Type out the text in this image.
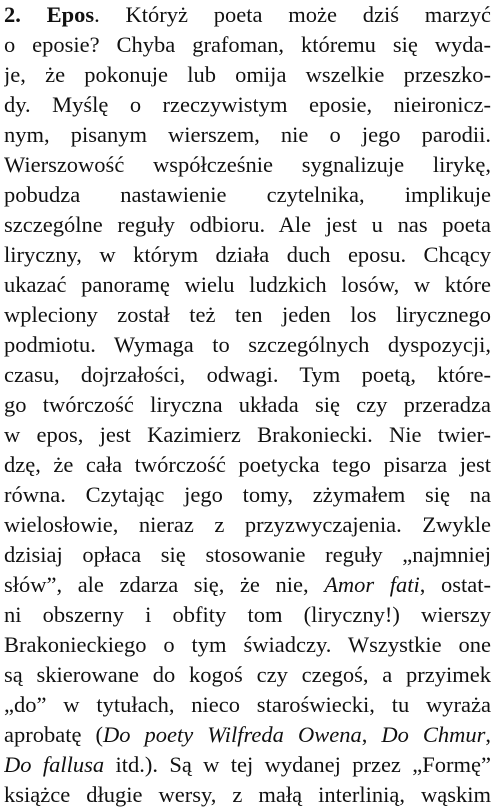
2. Epos. Któryż poeta może dziś marzyć
o eposie? Chyba grafoman, któremu się wyda-
je, że pokonuje lub omija wszelkie przeszko-
dy. Myślę o rzeczywistym eposie, nieironicz-
nym, pisanym wierszem, nie o jego parodii.
Wierszowość współcześnie sygnalizuje lirykę,
pobudza nastawienie czytelnika, implikuje
szczególne reguły odbioru. Ale jest u nas poeta
liryczny, w którym działa duch eposu. Chcący
ukazać panoramę wielu ludzkich losów, w które
wpleciony został też ten jeden los lirycznego
podmiotu. Wymaga to szczególnych dyspozycji,
czasu, dojrzałości, odwagi. Tym poetą, które-
go twórczość liryczna układa się czy przeradza
w epos, jest Kazimierz Brakoniecki. Nie twier-
dzę, że cała twórczość poetycka tego pisarza jest
równa. Czytając jego tomy, zżymałem się na
wielosłowie, nieraz z przyzwyczajenia. Zwykle
dzisiaj opłaca się stosowanie reguły „najmniej
słów”, ale zdarza się, że nie, Amor fati, ostat-
ni obszerny i obfity tom (liryczny!) wierszy
Brakonieckiego o tym świadczy. Wszystkie one
są skierowane do kogoś czy czegoś, a przyimek
„do” w tytułach, nieco staroświecki, tu wyraża
aprobatę (Do poety Wilfreda Owena, Do Chmur,
Do fallusa itd.). Są w tej wydanej przez „Formę”
książce długie wersy, z małą interlinią, wąskim
